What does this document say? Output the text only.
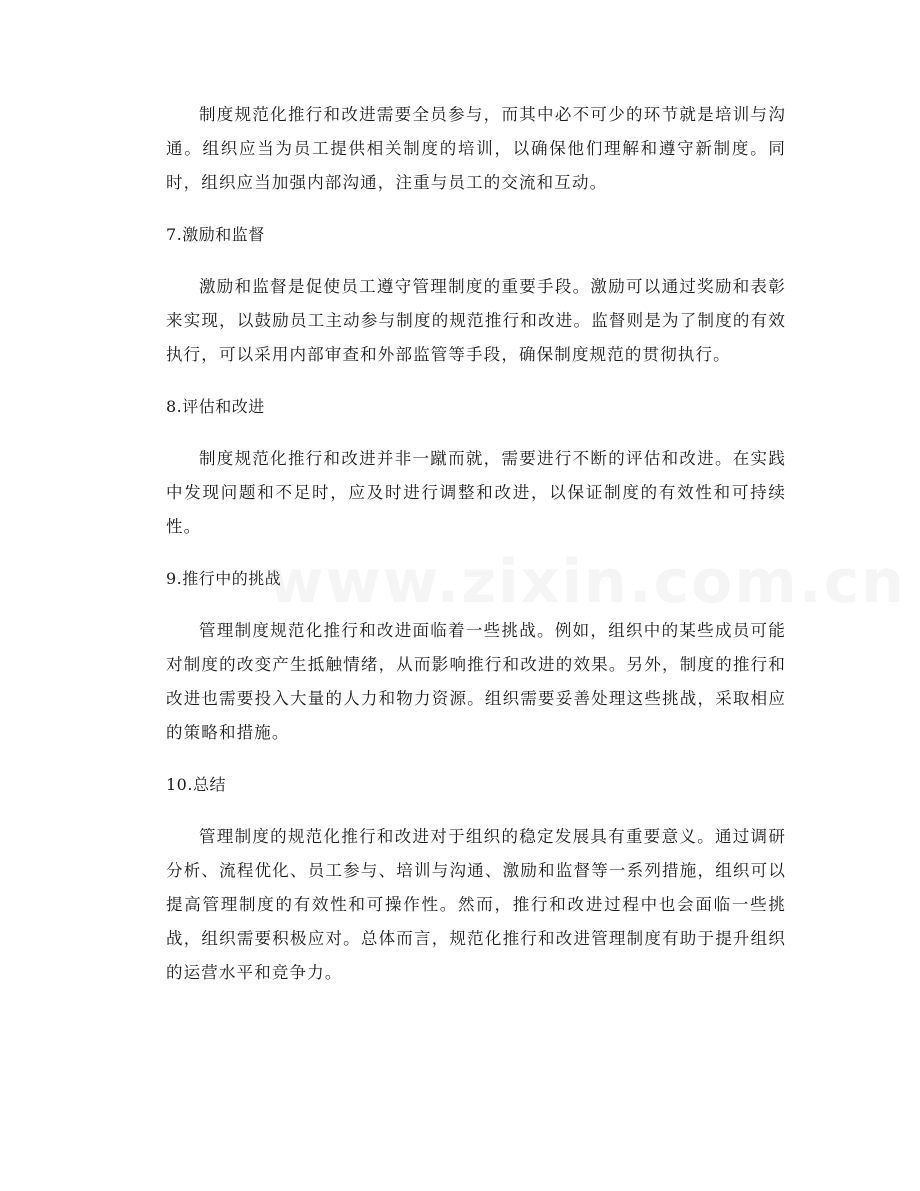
制度规范化推行和改进需要全员参与，而其中必不可少的环节就是培训与沟通。组织应当为员工提供相关制度的培训，以确保他们理解和遵守新制度。同时，组织应当加强内部沟通，注重与员工的交流和互动。

7.激励和监督

激励和监督是促使员工遵守管理制度的重要手段。激励可以通过奖励和表彰来实现，以鼓励员工主动参与制度的规范推行和改进。监督则是为了制度的有效执行，可以采用内部审查和外部监管等手段，确保制度规范的贯彻执行。

8.评估和改进

制度规范化推行和改进并非一蹴而就，需要进行不断的评估和改进。在实践中发现问题和不足时，应及时进行调整和改进，以保证制度的有效性和可持续性。

9.推行中的挑战

管理制度规范化推行和改进面临着一些挑战。例如，组织中的某些成员可能对制度的改变产生抵触情绪，从而影响推行和改进的效果。另外，制度的推行和改进也需要投入大量的人力和物力资源。组织需要妥善处理这些挑战，采取相应的策略和措施。

10.总结

管理制度的规范化推行和改进对于组织的稳定发展具有重要意义。通过调研分析、流程优化、员工参与、培训与沟通、激励和监督等一系列措施，组织可以提高管理制度的有效性和可操作性。然而，推行和改进过程中也会面临一些挑战，组织需要积极应对。总体而言，规范化推行和改进管理制度有助于提升组织的运营水平和竞争力。

www.zixin.com.cn
